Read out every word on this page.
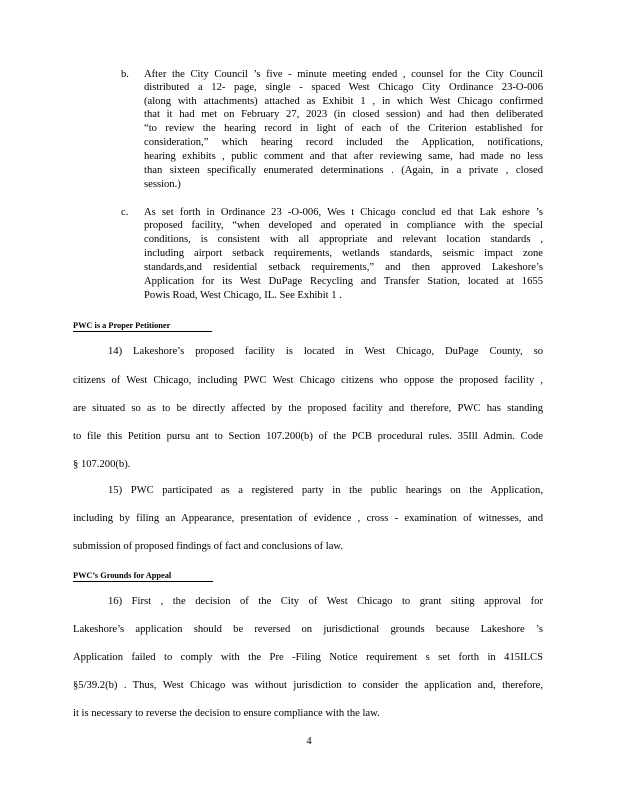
b. After the City Council ’s five - minute meeting ended , counsel for the City Council
distributed a 12- page, single - spaced West Chicago City Ordinance 23-O-006
(along with attachments) attached as Exhibit 1 , in which West Chicago confirmed
that it had met on February 27, 2023 (in closed session) and had then deliberated
“to review the hearing record in light of each of the Criterion established for
consideration,” which hearing record included the Application, notifications,
hearing exhibits , public comment and that after reviewing same, had made no less
than sixteen specifically enumerated determinations . (Again, in a private , closed
session.)
c. As set forth in Ordinance 23 -O-006, Wes t Chicago conclud ed that Lak eshore ’s
proposed facility, “when developed and operated in compliance with the special
conditions, is consistent with all appropriate and relevant location standards ,
including airport setback requirements, wetlands standards, seismic impact zone
standards,and residential setback requirements,” and then approved Lakeshore’s
Application for its West DuPage Recycling and Transfer Station, located at 1655
Powis Road, West Chicago, IL. See Exhibit 1 .
PWC is a Proper Petitioner
14) Lakeshore’s proposed facility is located in West Chicago, DuPage County, so
citizens of West Chicago, including PWC West Chicago citizens who oppose the proposed facility ,
are situated so as to be directly affected by the proposed facility and therefore, PWC has standing
to file this Petition pursu ant to Section 107.200(b) of the PCB procedural rules. 35Ill Admin. Code
§ 107.200(b).
15) PWC participated as a registered party in the public hearings on the Application,
including by filing an Appearance, presentation of evidence , cross - examination of witnesses, and
submission of proposed findings of fact and conclusions of law.
PWC’s Grounds for Appeal
16) First , the decision of the City of West Chicago to grant siting approval for
Lakeshore’s application should be reversed on jurisdictional grounds because Lakeshore ’s
Application failed to comply with the Pre -Filing Notice requirement s set forth in 415ILCS
§5/39.2(b) . Thus, West Chicago was without jurisdiction to consider the application and, therefore,
it is necessary to reverse the decision to ensure compliance with the law.
4
